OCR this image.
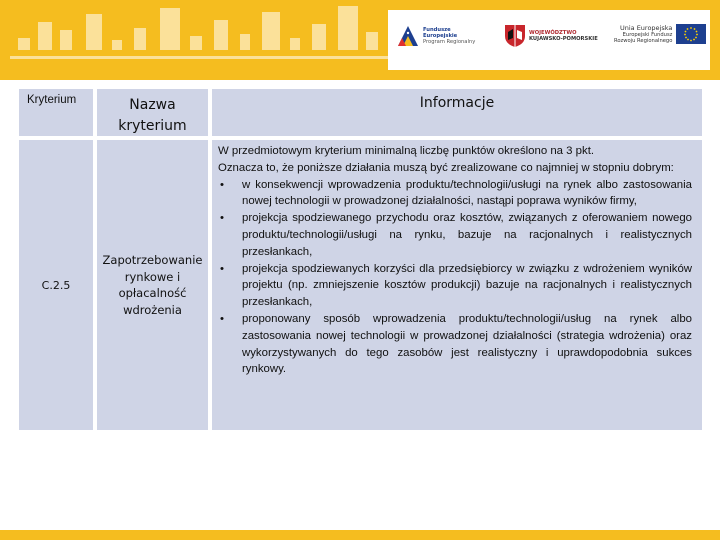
Fundusze
Europejskie
Program Regionalny
WOJEWÓDZTWO
KUJAWSKO-POMORSKIE
Unia Europejska
Europejski Fundusz
Rozwoju Regionalnego
Kryterium	Nazwa kryterium
Informacje
C.2.5
Zapotrzebowanie rynkowe i opłacalność wdrożenia

W przedmiotowym kryterium minimalną liczbę punktów określono na 3 pkt.

Oznacza to, że poniższe działania muszą być zrealizowane co najmniej w stopniu dobrym:

• w konsekwencji wprowadzenia produktu/technologii/usługi na rynek albo zastosowania nowej technologii w prowadzonej działalności, nastąpi poprawa wyników firmy,
• projekcja spodziewanego przychodu oraz kosztów, związanych z oferowaniem nowego produktu/technologii/usługi na rynku, bazuje na racjonalnych i realistycznych przesłankach,
• projekcja spodziewanych korzyści dla przedsiębiorcy w związku z wdrożeniem wyników projektu (np. zmniejszenie kosztów produkcji) bazuje na racjonalnych i realistycznych przesłankach,
• proponowany sposób wprowadzenia produktu/technologii/usług na rynek albo zastosowania nowej technologii w prowadzonej działalności (strategia wdrożenia) oraz wykorzystywanych do tego zasobów jest realistyczny i uprawdopodobnia sukces rynkowy.
